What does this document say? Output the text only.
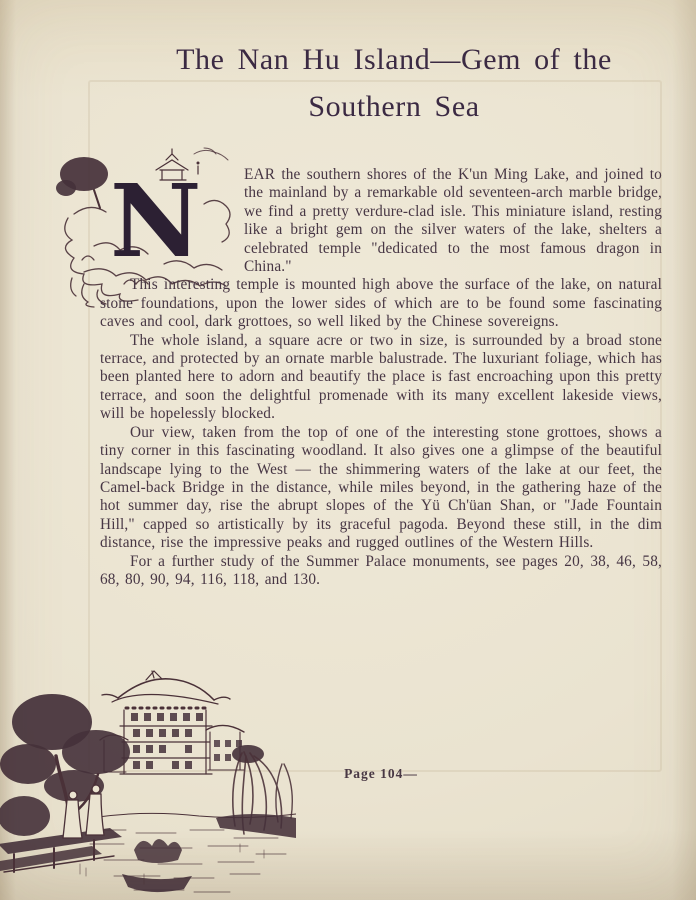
The Nan Hu Island—Gem of the
Southern Sea
N	EAR the southern shores of the K'un Ming Lake, and joined to the mainland by a remarkable old seventeen-arch marble bridge, we find a pretty verdure-clad isle. This miniature island, resting like a bright gem on the silver waters of the lake, shelters a celebrated temple "dedicated to the most famous dragon in China."

This interesting temple is mounted high above the surface of the lake, on natural stone foundations, upon the lower sides of which are to be found some fascinating caves and cool, dark grottoes, so well liked by the Chinese sovereigns.

The whole island, a square acre or two in size, is surrounded by a broad stone terrace, and protected by an ornate marble balustrade. The luxuriant foliage, which has been planted here to adorn and beautify the place is fast encroaching upon this pretty terrace, and soon the delightful promenade with its many excellent lakeside views, will be hopelessly blocked.

Our view, taken from the top of one of the interesting stone grottoes, shows a tiny corner in this fascinating woodland. It also gives one a glimpse of the beautiful landscape lying to the West — the shimmering waters of the lake at our feet, the Camel-back Bridge in the distance, while miles beyond, in the gathering haze of the hot summer day, rise the abrupt slopes of the Yü Ch'üan Shan, or "Jade Fountain Hill," capped so artistically by its graceful pagoda. Beyond these still, in the dim distance, rise the impressive peaks and rugged outlines of the Western Hills.

For a further study of the Summer Palace monuments, see pages 20, 38, 46, 58, 68, 80, 90, 94, 116, 118, and 130.

Page 104—
